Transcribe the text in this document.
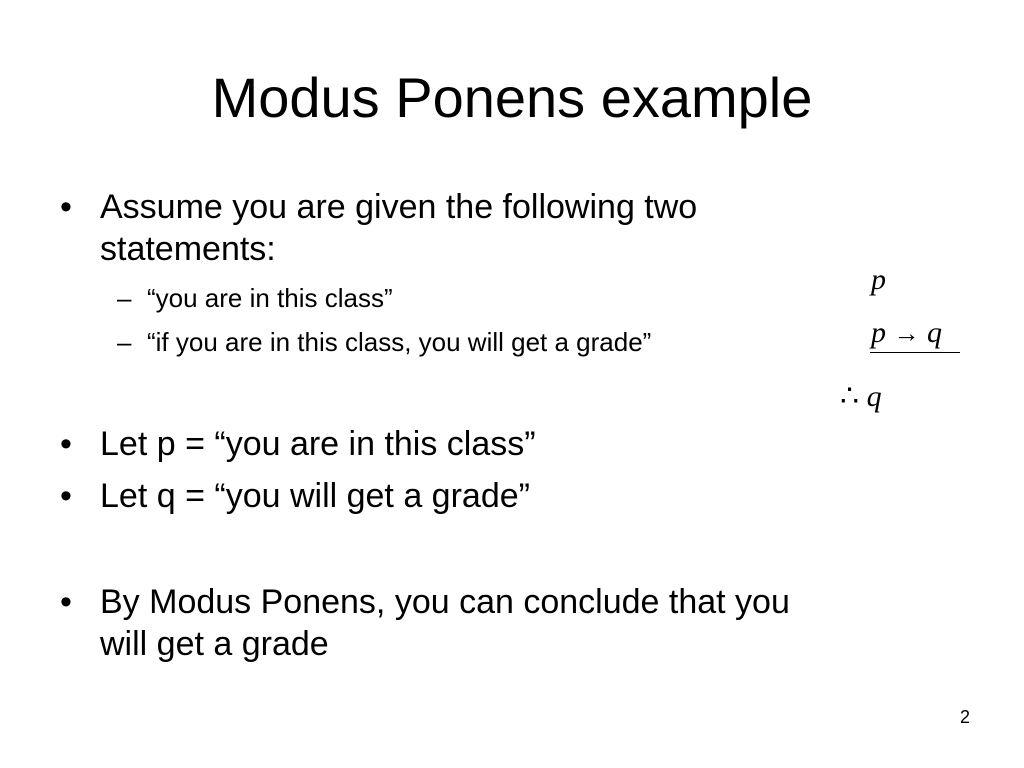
Modus Ponens example
• Assume you are given the following two
statements:
– “you are in this class”
– “if you are in this class, you will get a grade”
• Let p = “you are in this class”
• Let q = “you will get a grade”
• By Modus Ponens, you can conclude that you
will get a grade
p
p → q
∴ q
2
